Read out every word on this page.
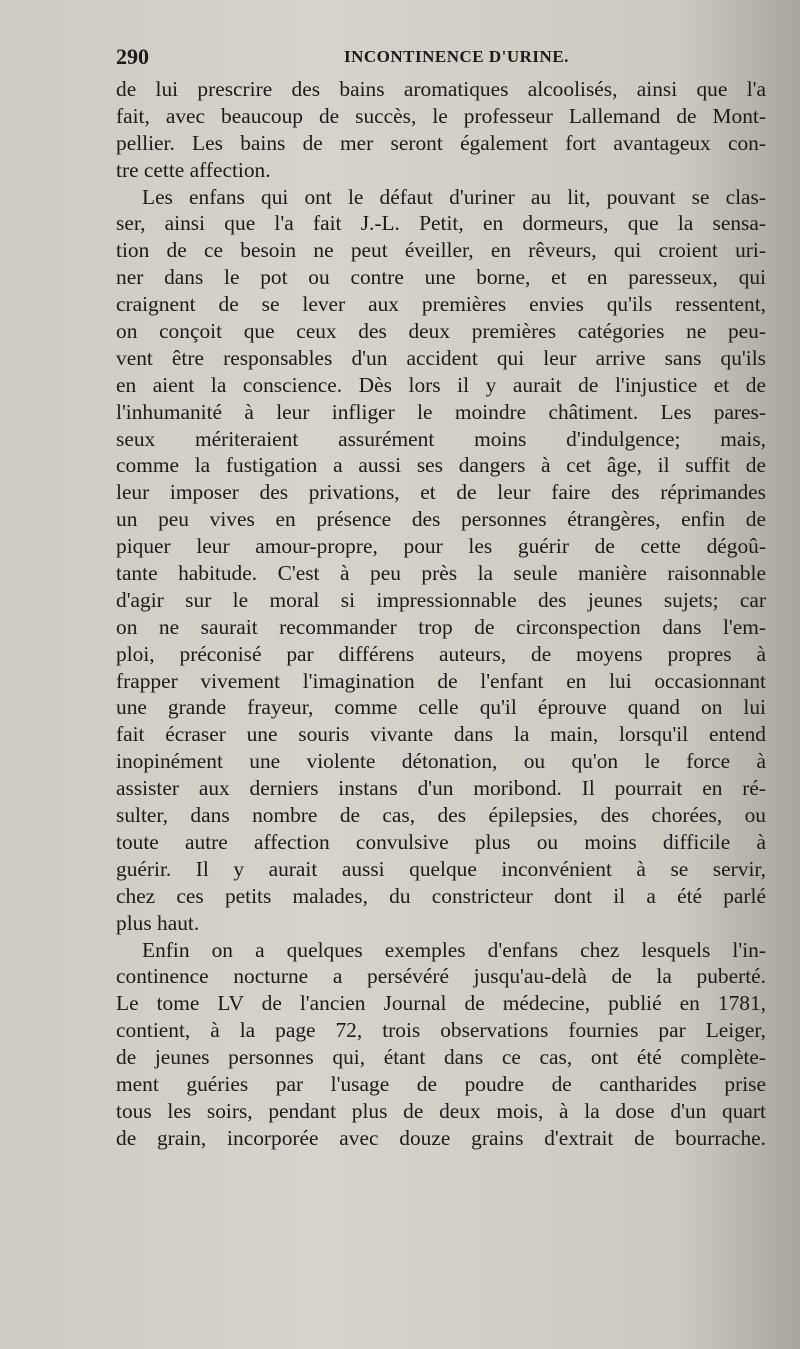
290	INCONTINENCE D'URINE.
de lui prescrire des bains aromatiques alcoolisés, ainsi que l'a
fait, avec beaucoup de succès, le professeur Lallemand de Mont-
pellier. Les bains de mer seront également fort avantageux con-
tre cette affection.
Les enfans qui ont le défaut d'uriner au lit, pouvant se clas-
ser, ainsi que l'a fait J.-L. Petit, en dormeurs, que la sensa-
tion de ce besoin ne peut éveiller, en rêveurs, qui croient uri-
ner dans le pot ou contre une borne, et en paresseux, qui
craignent de se lever aux premières envies qu'ils ressentent,
on conçoit que ceux des deux premières catégories ne peu-
vent être responsables d'un accident qui leur arrive sans qu'ils
en aient la conscience. Dès lors il y aurait de l'injustice et de
l'inhumanité à leur infliger le moindre châtiment. Les pares-
seux mériteraient assurément moins d'indulgence; mais,
comme la fustigation a aussi ses dangers à cet âge, il suffit de
leur imposer des privations, et de leur faire des réprimandes
un peu vives en présence des personnes étrangères, enfin de
piquer leur amour-propre, pour les guérir de cette dégoû-
tante habitude. C'est à peu près la seule manière raisonnable
d'agir sur le moral si impressionnable des jeunes sujets; car
on ne saurait recommander trop de circonspection dans l'em-
ploi, préconisé par différens auteurs, de moyens propres à
frapper vivement l'imagination de l'enfant en lui occasionnant
une grande frayeur, comme celle qu'il éprouve quand on lui
fait écraser une souris vivante dans la main, lorsqu'il entend
inopinément une violente détonation, ou qu'on le force à
assister aux derniers instans d'un moribond. Il pourrait en ré-
sulter, dans nombre de cas, des épilepsies, des chorées, ou
toute autre affection convulsive plus ou moins difficile à
guérir. Il y aurait aussi quelque inconvénient à se servir,
chez ces petits malades, du constricteur dont il a été parlé
plus haut.
Enfin on a quelques exemples d'enfans chez lesquels l'in-
continence nocturne a persévéré jusqu'au-delà de la puberté.
Le tome LV de l'ancien Journal de médecine, publié en 1781,
contient, à la page 72, trois observations fournies par Leiger,
de jeunes personnes qui, étant dans ce cas, ont été complète-
ment guéries par l'usage de poudre de cantharides prise
tous les soirs, pendant plus de deux mois, à la dose d'un quart
de grain, incorporée avec douze grains d'extrait de bourrache.
